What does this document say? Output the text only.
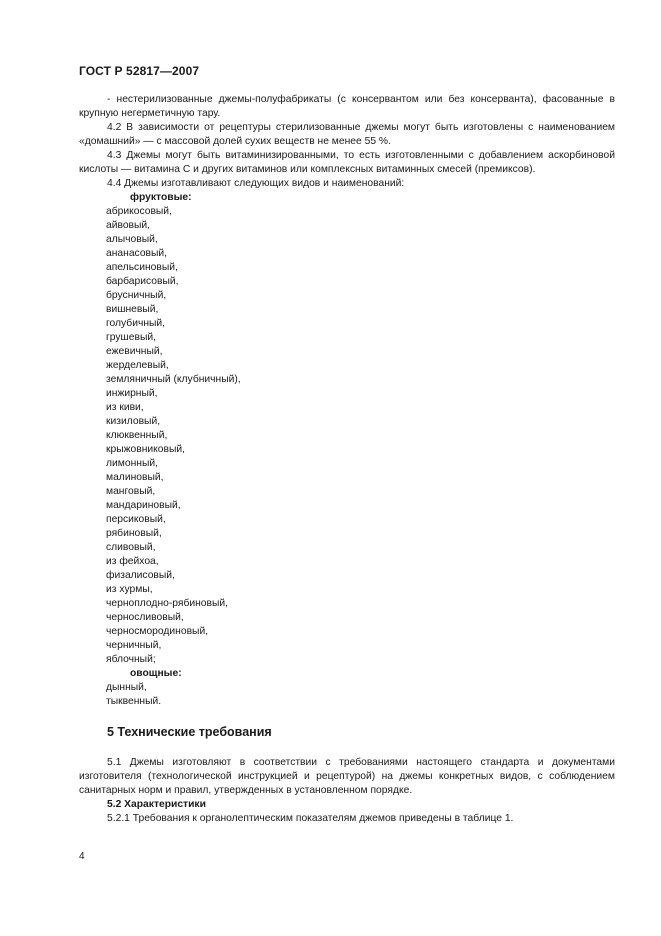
ГОСТ Р 52817—2007

- нестерилизованные джемы-полуфабрикаты (с консервантом или без консерванта), фасованные в крупную негерметичную тару.

4.2 В зависимости от рецептуры стерилизованные джемы могут быть изготовлены с наименованием «домашний» — с массовой долей сухих веществ не менее 55 %.

4.3 Джемы могут быть витаминизированными, то есть изготовленными с добавлением аскорбиновой кислоты — витамина С и других витаминов или комплексных витаминных смесей (премиксов).

4.4 Джемы изготавливают следующих видов и наименований:

фруктовые:

абрикосовый,

айвовый,

алычовый,

ананасовый,

апельсиновый,

барбарисовый,

брусничный,

вишневый,

голубичный,

грушевый,

ежевичный,

жерделевый,

земляничный (клубничный),

инжирный,

из киви,

кизиловый,

клюквенный,

крыжовниковый,

лимонный,

малиновый,

манговый,

мандариновый,

персиковый,

рябиновый,

сливовый,

из фейхоа,

физалисовый,

из хурмы,

черноплодно-рябиновый,

черносливовый,

черносмородиновый,

черничный,

яблочный;

овощные:

дынный,

тыквенный.

5 Технические требования

5.1 Джемы изготовляют в соответствии с требованиями настоящего стандарта и документами изготовителя (технологической инструкцией и рецептурой) на джемы конкретных видов, с соблюдением санитарных норм и правил, утвержденных в установленном порядке.

5.2 Характеристики

5.2.1 Требования к органолептическим показателям джемов приведены в таблице 1.

4
